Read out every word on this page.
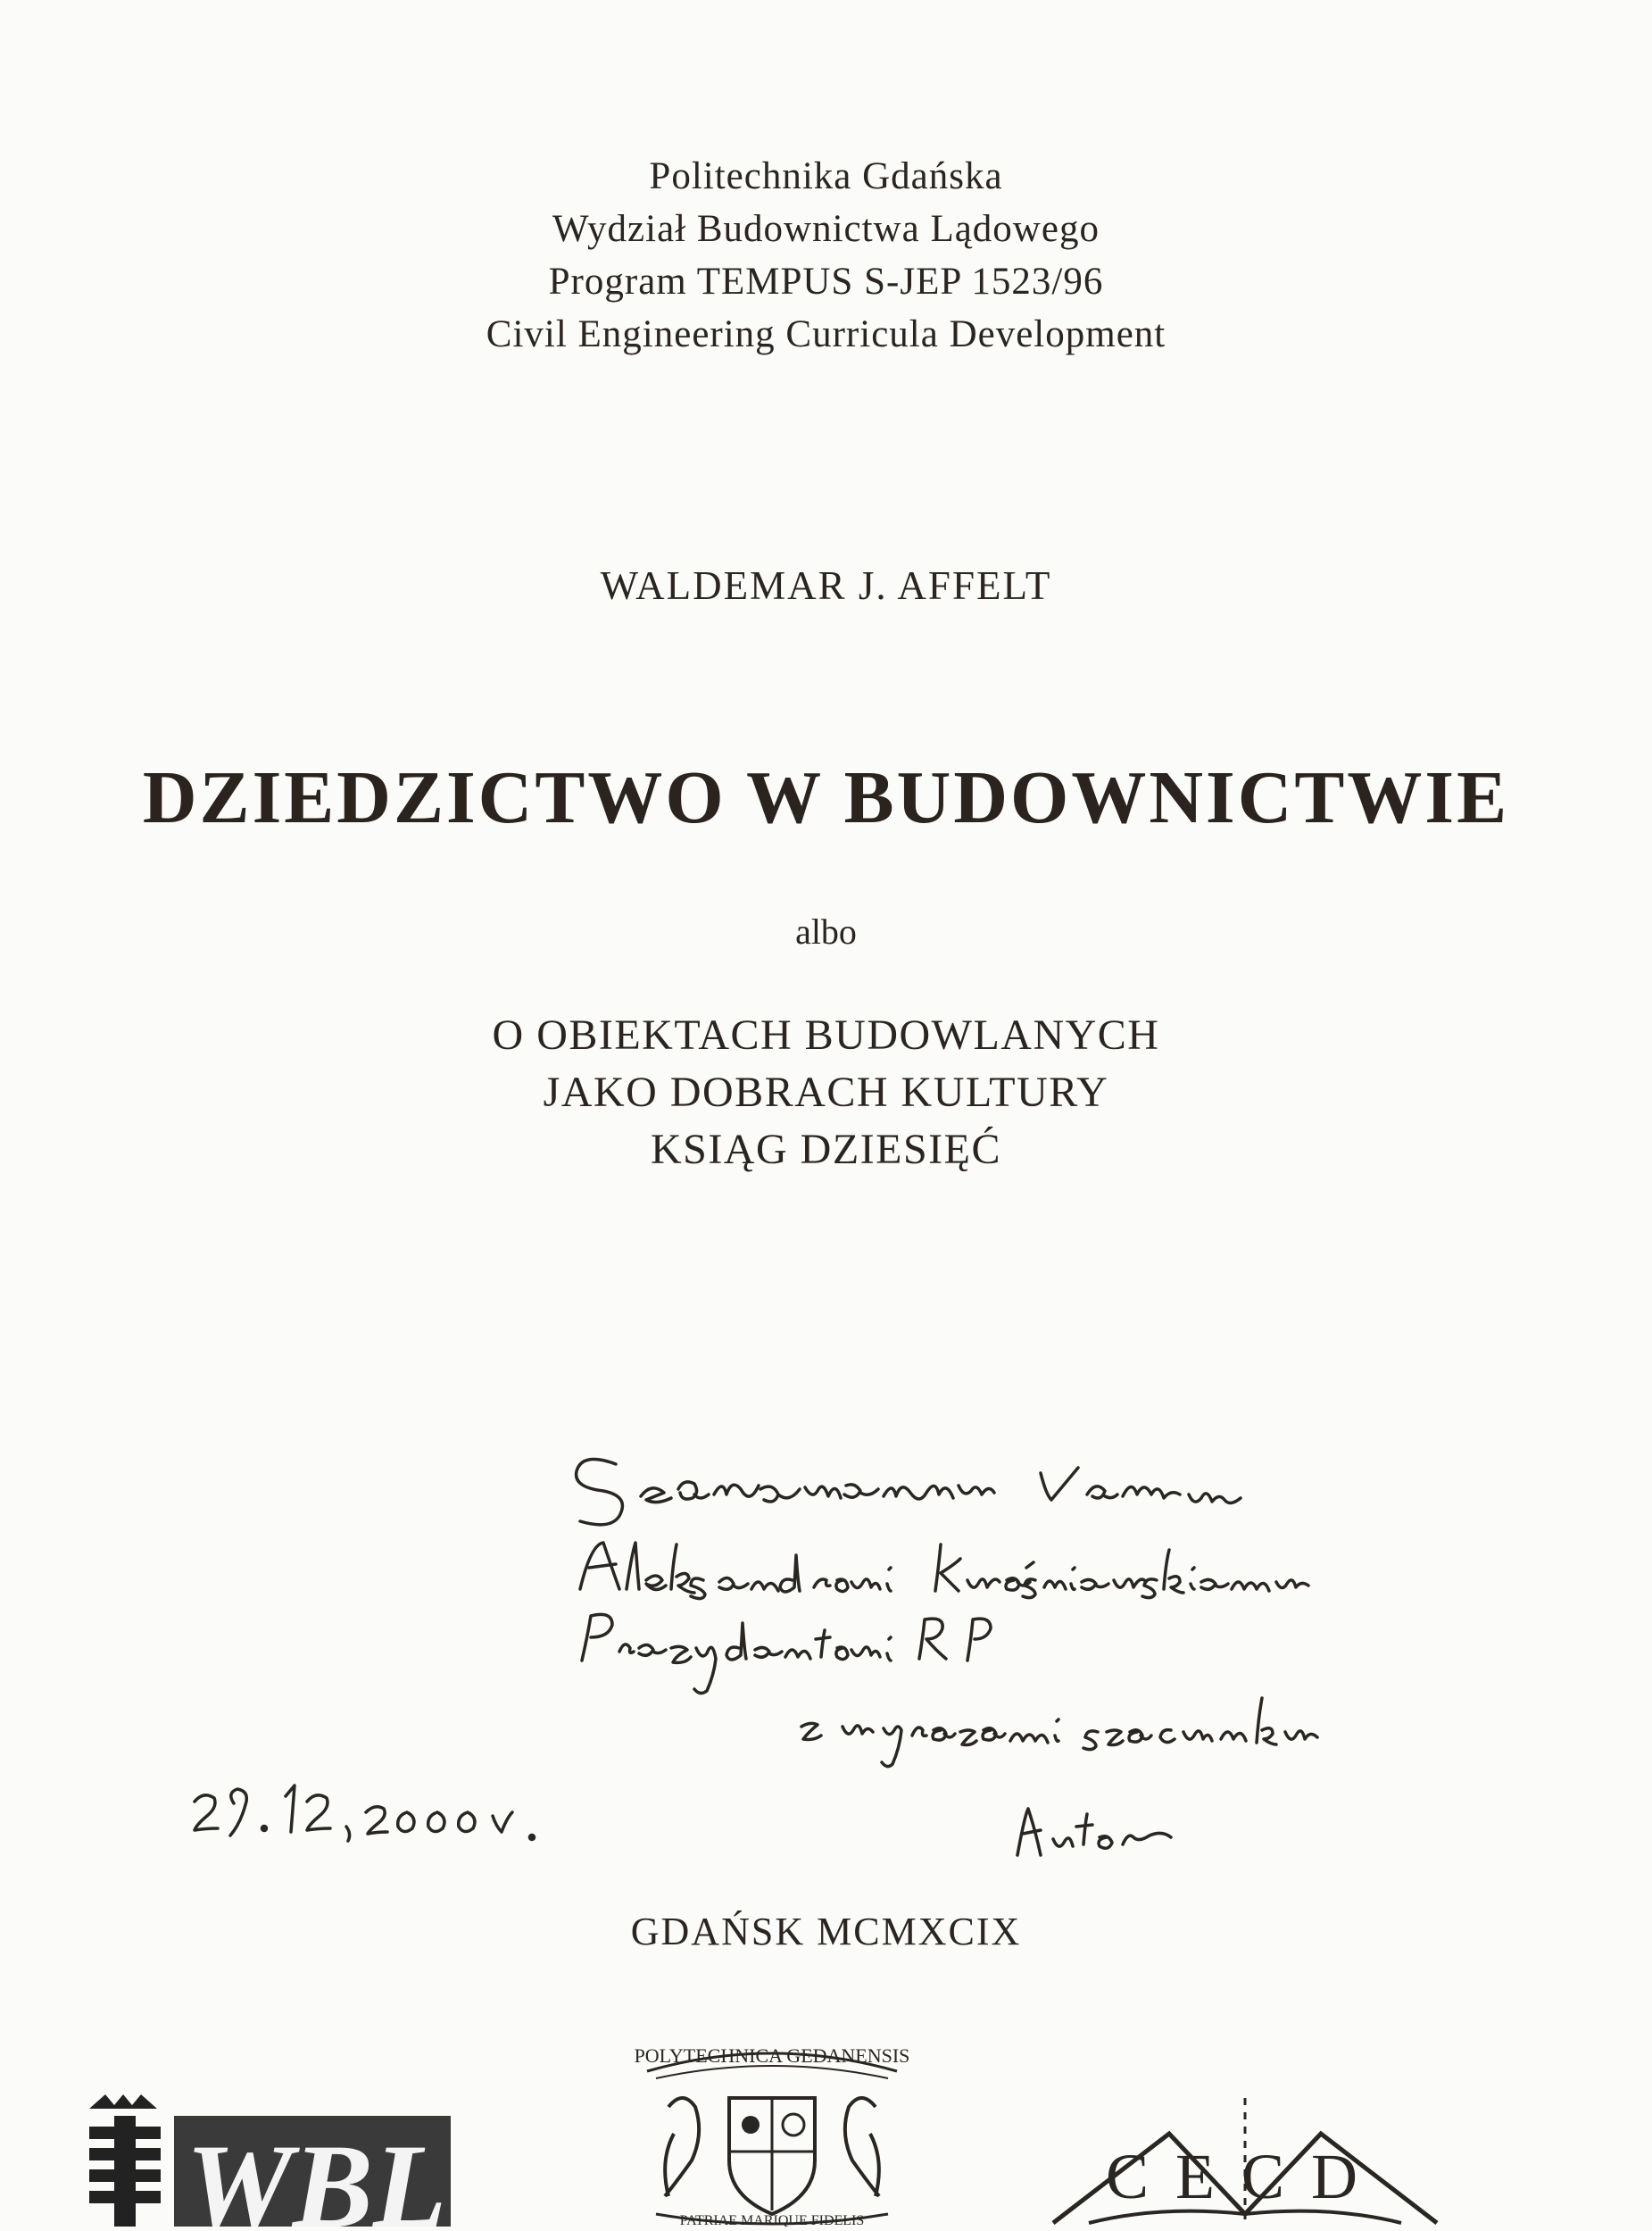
Politechnika Gdańska
Wydział Budownictwa Lądowego
Program TEMPUS S-JEP 1523/96
Civil Engineering Curricula Development
WALDEMAR J. AFFELT
DZIEDZICTWO W BUDOWNICTWIE
albo
O OBIEKTACH BUDOWLANYCH
JAKO DOBRACH KULTURY
KSIĄG DZIESIĘĆ
GDAŃSK MCMXCIX
WBL
POLYTECHNICA GEDANENSIS
PATRIAE MARIQUE FIDELIS
CECD
